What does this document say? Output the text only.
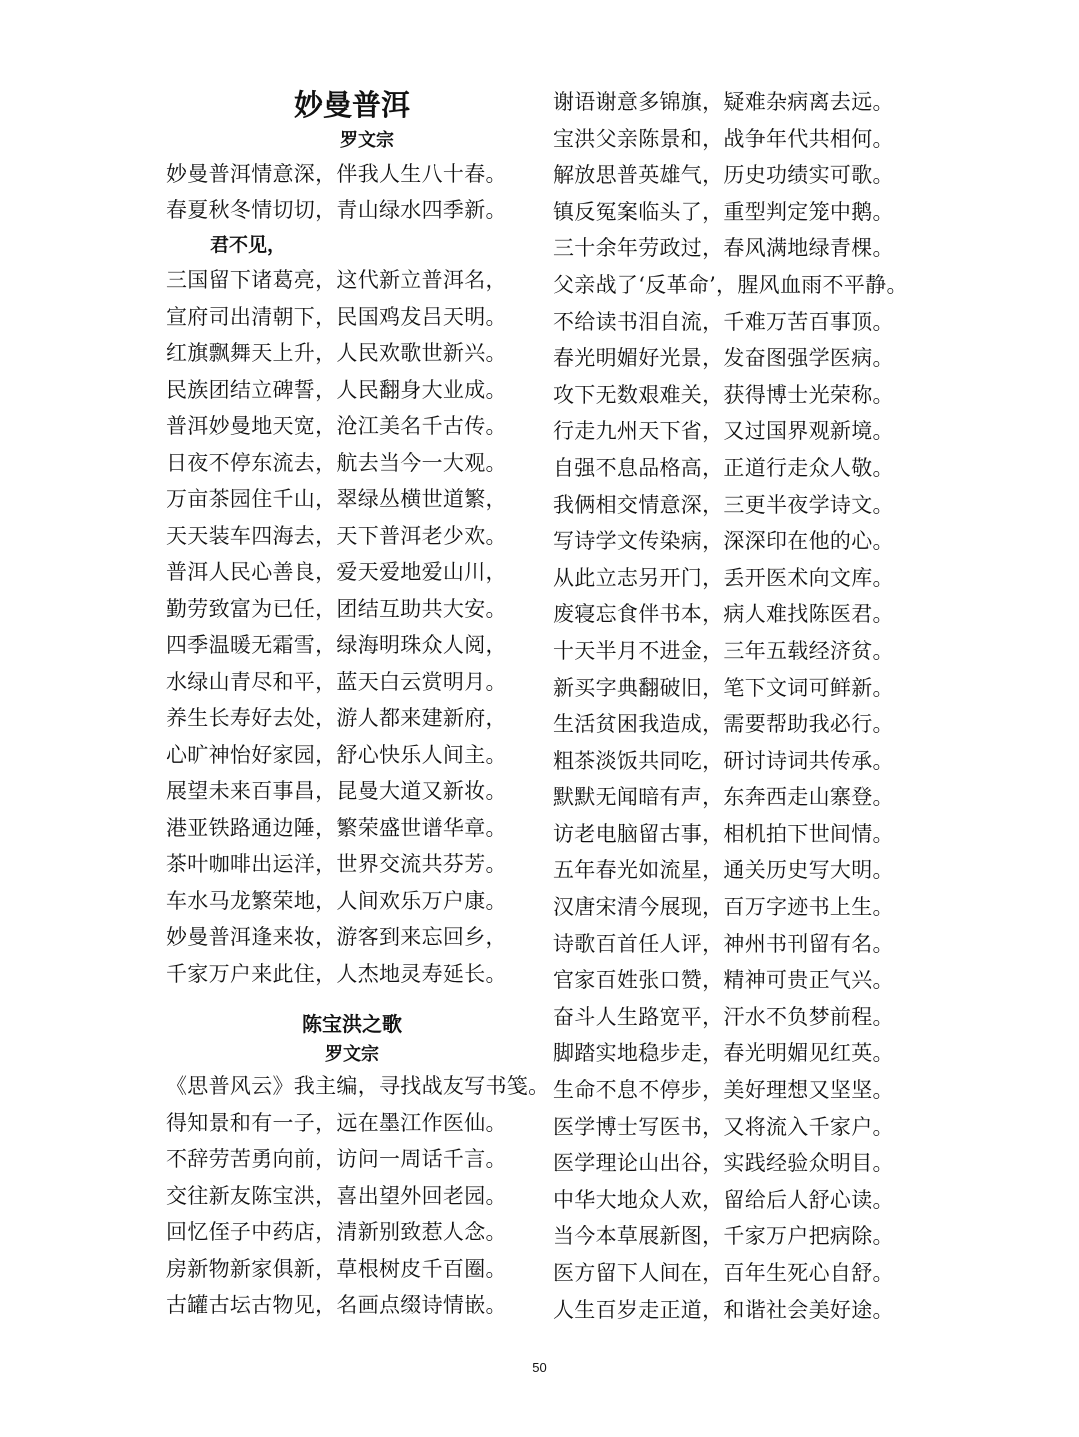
妙曼普洱
罗文宗
妙曼普洱情意深，伴我人生八十春。
春夏秋冬情切切，青山绿水四季新。
君不见，
三国留下诸葛亮，这代新立普洱名，
宣府司出清朝下，民国鸡犮吕天明。
红旗飘舞天上升，人民欢歌世新兴。
民族团结立碑誓，人民翻身大业成。
普洱妙曼地天宽，沧江美名千古传。
日夜不停东流去，航去当今一大观。
万亩茶园住千山，翠绿丛横世道繁，
天天装车四海去，天下普洱老少欢。
普洱人民心善良，爱天爱地爱山川，
勤劳致富为已任，团结互助共大安。
四季温暖无霜雪，绿海明珠众人阅，
水绿山青尽和平，蓝天白云赏明月。
养生长寿好去处，游人都来建新府，
心旷神怡好家园，舒心快乐人间主。
展望未来百事昌，昆曼大道又新妆。
港亚铁路通边陲，繁荣盛世谱华章。
茶叶咖啡出运洋，世界交流共芬芳。
车水马龙繁荣地，人间欢乐万户康。
妙曼普洱逢来妆，游客到来忘回乡，
千家万户来此住，人杰地灵寿延长。
陈宝洪之歌
罗文宗
《思普风云》我主编，寻找战友写书笺。
得知景和有一子，远在墨江作医仙。
不辞劳苦勇向前，访问一周话千言。
交往新友陈宝洪，喜出望外回老园。
回忆侄子中药店，清新别致惹人念。
房新物新家俱新，草根树皮千百圈。
古罐古坛古物见，名画点缀诗情嵌。
谢语谢意多锦旗，疑难杂病离去远。
宝洪父亲陈景和，战争年代共相何。
解放思普英雄气，历史功绩实可歌。
镇反冤案临头了，重型判定笼中鹅。
三十余年劳政过，春风满地绿青棵。
父亲战了‘反革命’，腥风血雨不平静。
不给读书泪自流，千难万苦百事顶。
春光明媚好光景，发奋图强学医病。
攻下无数艰难关，获得博士光荣称。
行走九州天下省，又过国界观新境。
自强不息品格高，正道行走众人敬。
我俩相交情意深，三更半夜学诗文。
写诗学文传染病，深深印在他的心。
从此立志另开门，丢开医术向文库。
废寝忘食伴书本，病人难找陈医君。
十天半月不进金，三年五载经济贫。
新买字典翻破旧，笔下文词可鲜新。
生活贫困我造成，需要帮助我必行。
粗茶淡饭共同吃，研讨诗词共传承。
默默无闻暗有声，东奔西走山寨登。
访老电脑留古事，相机拍下世间情。
五年春光如流星，通关历史写大明。
汉唐宋清今展现，百万字迹书上生。
诗歌百首任人评，神州书刊留有名。
官家百姓张口赞，精神可贵正气兴。
奋斗人生路宽平，汗水不负梦前程。
脚踏实地稳步走，春光明媚见红英。
生命不息不停步，美好理想又坚坚。
医学博士写医书，又将流入千家户。
医学理论山出谷，实践经验众明目。
中华大地众人欢，留给后人舒心读。
当今本草展新图，千家万户把病除。
医方留下人间在，百年生死心自舒。
人生百岁走正道，和谐社会美好途。
50
